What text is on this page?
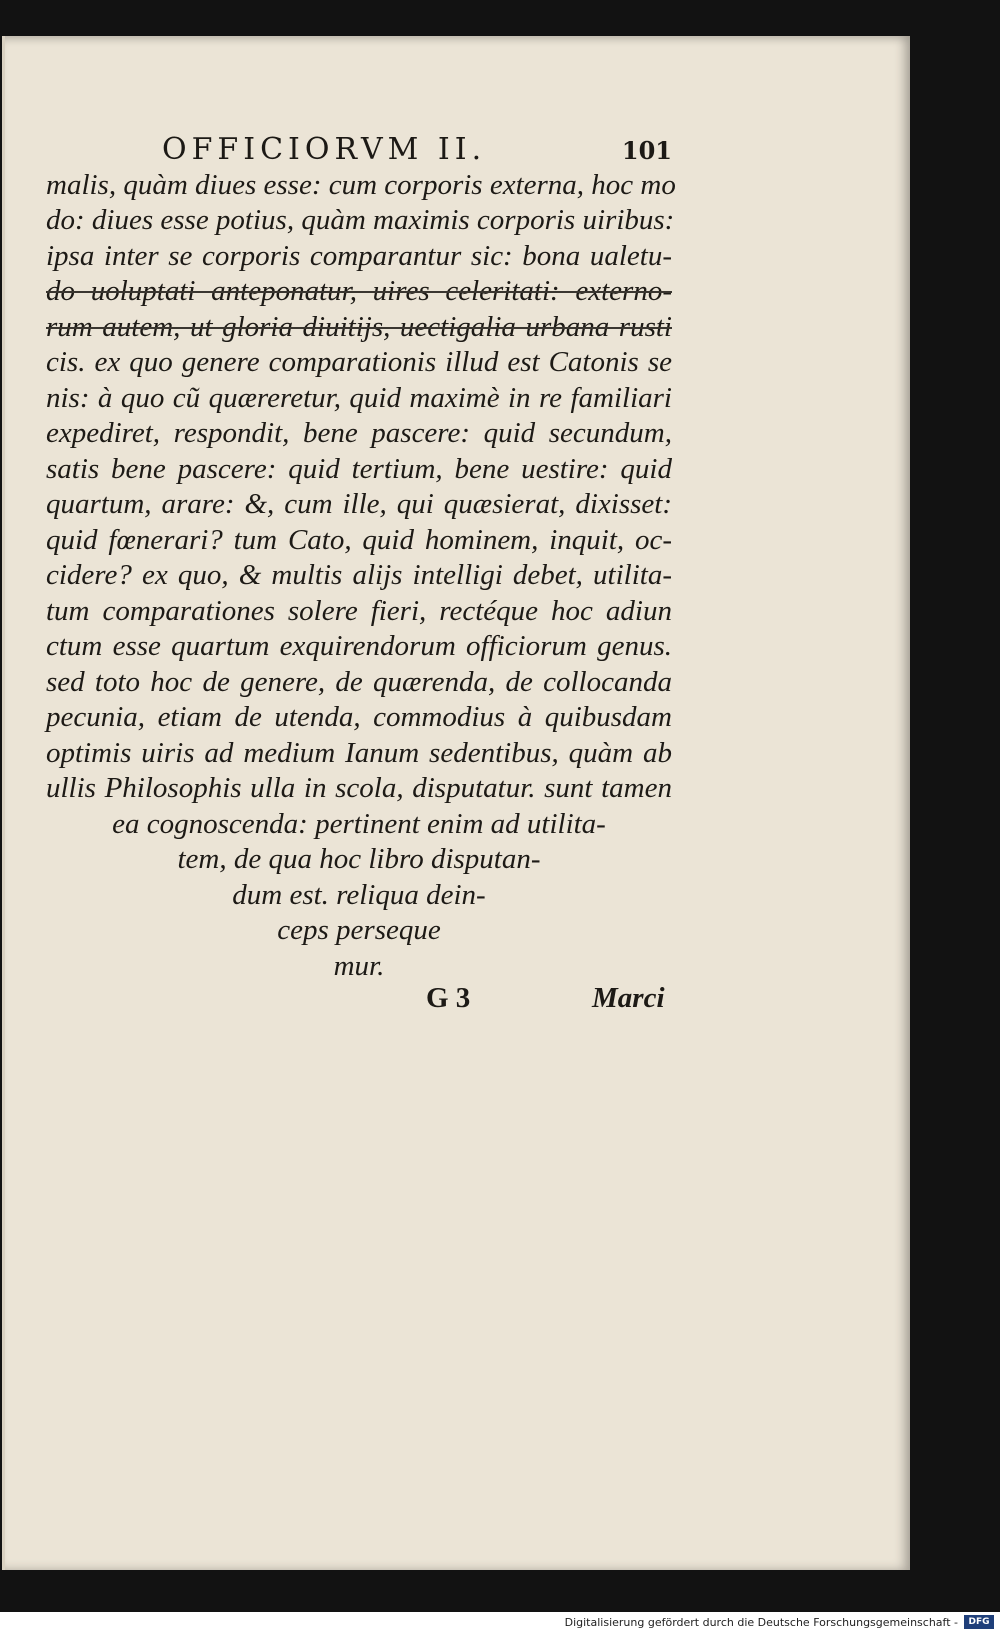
OFFICIORVM II.	101
malis, quàm diues esse: cum corporis externa, hoc mo
do: diues esse potius, quàm maximis corporis uiribus:
ipsa inter se corporis comparantur sic: bona ualetu-
do uoluptati anteponatur, uires celeritati: externo-
rum autem, ut gloria diuitijs, uectigalia urbana rusti
cis. ex quo genere comparationis illud est Catonis se
nis: à quo cũ quæreretur, quid maximè in re familiari
expediret, respondit, bene pascere: quid secundum,
satis bene pascere: quid tertium, bene uestire: quid
quartum, arare: &, cum ille, qui quæsierat, dixisset:
quid fœnerari? tum Cato, quid hominem, inquit, oc-
cidere? ex quo, & multis alijs intelligi debet, utilita-
tum comparationes solere fieri, rectéque hoc adiun
ctum esse quartum exquirendorum officiorum genus.
sed toto hoc de genere, de quærenda, de collocanda
pecunia, etiam de utenda, commodius à quibusdam
optimis uiris ad medium Ianum sedentibus, quàm ab
ullis Philosophis ulla in scola, disputatur. sunt tamen
ea cognoscenda: pertinent enim ad utilita-
tem, de qua hoc libro disputan-
dum est. reliqua dein-
ceps perseque
mur.
G 3	Marci
Digitalisierung gefördert durch die Deutsche Forschungsgemeinschaft -	DFG
